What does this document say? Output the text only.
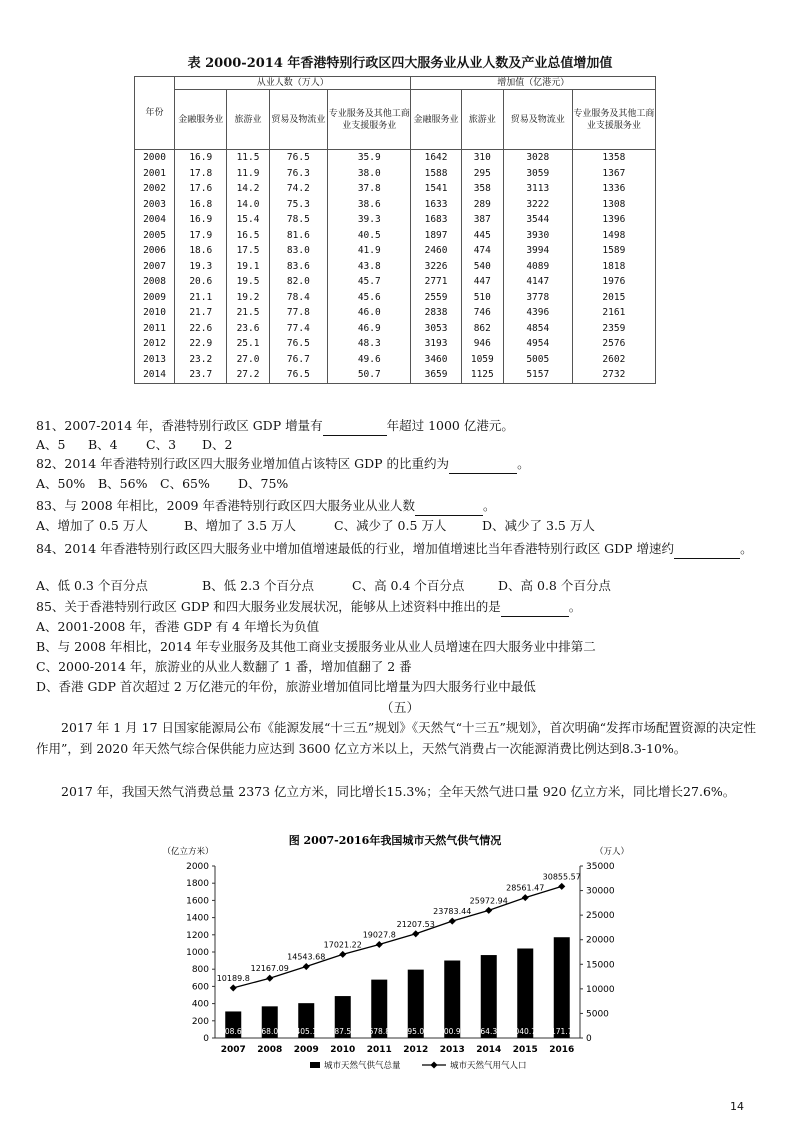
表 2000-2014 年香港特别行政区四大服务业从业人数及产业总值增加值
年份	从业人数（万人）				增加值（亿港元）			
	金融服务业	旅游业	贸易及物流业	专业服务及其他工商业支援服务业	金融服务业	旅游业	贸易及物流业	专业服务及其他工商业支援服务业
2000	16.9	11.5	76.5	35.9	1642	310	3028	1358
2001	17.8	11.9	76.3	38.0	1588	295	3059	1367
2002	17.6	14.2	74.2	37.8	1541	358	3113	1336
2003	16.8	14.0	75.3	38.6	1633	289	3222	1308
2004	16.9	15.4	78.5	39.3	1683	387	3544	1396
2005	17.9	16.5	81.6	40.5	1897	445	3930	1498
2006	18.6	17.5	83.0	41.9	2460	474	3994	1589
2007	19.3	19.1	83.6	43.8	3226	540	4089	1818
2008	20.6	19.5	82.0	45.7	2771	447	4147	1976
2009	21.1	19.2	78.4	45.6	2559	510	3778	2015
2010	21.7	21.5	77.8	46.0	2838	746	4396	2161
2011	22.6	23.6	77.4	46.9	3053	862	4854	2359
2012	22.9	25.1	76.5	48.3	3193	946	4954	2576
2013	23.2	27.0	76.7	49.6	3460	1059	5005	2602
2014	23.7	27.2	76.5	50.7	3659	1125	5157	2732
81、2007-2014 年，香港特别行政区 GDP 增量有	年超过 1000 亿港元。
A、5 B、4 C、3 D、2
82、2014 年香港特别行政区四大服务业增加值占该特区 GDP 的比重约为	。
A、50% B、56% C、65% D、75%
83、与 2008 年相比，2009 年香港特别行政区四大服务业从业人数	。
A、增加了 0.5 万人	B、增加了 3.5 万人	C、减少了 0.5 万人	D、减少了 3.5 万人
84、2014 年香港特别行政区四大服务业中增加值增速最低的行业，增加值增速比当年香港特别行政区 GDP 增速约	。
A、低 0.3 个百分点	B、低 2.3 个百分点	C、高 0.4 个百分点	D、高 0.8 个百分点
85、关于香港特别行政区 GDP 和四大服务业发展状况，能够从上述资料中推出的是	。
A、2001-2008 年，香港 GDP 有 4 年增长为负值
B、与 2008 年相比，2014 年专业服务及其他工商业支援服务业从业人员增速在四大服务业中排第二
C、2000-2014 年，旅游业的从业人数翻了 1 番，增加值翻了 2 番
D、香港 GDP 首次超过 2 万亿港元的年份，旅游业增加值同比增量为四大服务行业中最低
（五）
2017 年 1 月 17 日国家能源局公布《能源发展“十三五”规划》《天然气“十三五”规划》，首次明确“发挥市场配置资源的决定性作用”，到 2020 年天然气综合保供能力应达到 3600 亿立方米以上，天然气消费占一次能源消费比例达到8.3-10%。
2017 年，我国天然气消费总量 2373 亿立方米，同比增长15.3%；全年天然气进口量 920 亿立方米，同比增长27.6%。
图 2007-2016年我国城市天然气供气情况
（亿立方米）	（万人）
0
200
400
600
800
1000
1200
1400
1600
1800
2000
0
5000
10000
15000
20000
25000
30000
35000
308.64
2007
368.04
2008
405.1
2009
487.58
2010
678.8
2011
795.04
2012
900.99
2013
964.38
2014
1040.79
2015
1171.72
2016
10189.8
12167.09
14543.68
17021.22
19027.8
21207.53
23783.44
25972.94
28561.47
30855.57
城市天然气供气总量	城市天然气用气人口
14
